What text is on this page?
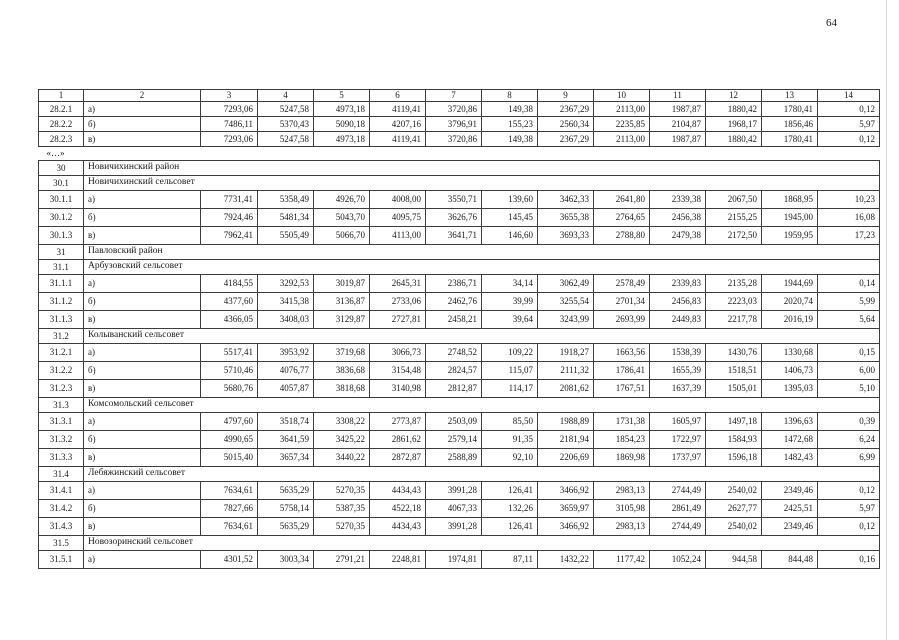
64
1	2	3	4	5	6	7	8	9	10	11	12	13	14
28.2.1	а)	7293,06	5247,58	4973,18	4119,41	3720,86	149,38	2367,29	2113,00	1987,87	1880,42	1780,41	0,12
28.2.2	б)	7486,11	5370,43	5090,18	4207,16	3796,91	155,23	2560,34	2235,85	2104,87	1968,17	1856,46	5,97
28.2.3	в)	7293,06	5247,58	4973,18	4119,41	3720,86	149,38	2367,29	2113,00	1987,87	1880,42	1780,41	0,12
«…»													
30	Новичихинский район												
30.1	Новичихинский сельсовет												
30.1.1	а)	7731,41	5358,49	4926,70	4008,00	3550,71	139,60	3462,33	2641,80	2339,38	2067,50	1868,95	10,23
30.1.2	б)	7924,46	5481,34	5043,70	4095,75	3626,76	145,45	3655,38	2764,65	2456,38	2155,25	1945,00	16,08
30.1.3	в)	7962,41	5505,49	5066,70	4113,00	3641,71	146,60	3693,33	2788,80	2479,38	2172,50	1959,95	17,23
31	Павловский район												
31.1	Арбузовский сельсовет												
31.1.1	а)	4184,55	3292,53	3019,87	2645,31	2386,71	34,14	3062,49	2578,49	2339,83	2135,28	1944,69	0,14
31.1.2	б)	4377,60	3415,38	3136,87	2733,06	2462,76	39,99	3255,54	2701,34	2456,83	2223,03	2020,74	5,99
31.1.3	в)	4366,05	3408,03	3129,87	2727,81	2458,21	39,64	3243,99	2693,99	2449,83	2217,78	2016,19	5,64
31.2	Колыванский сельсовет												
31.2.1	а)	5517,41	3953,92	3719,68	3066,73	2748,52	109,22	1918,27	1663,56	1538,39	1430,76	1330,68	0,15
31.2.2	б)	5710,46	4076,77	3836,68	3154,48	2824,57	115,07	2111,32	1786,41	1655,39	1518,51	1406,73	6,00
31.2.3	в)	5680,76	4057,87	3818,68	3140,98	2812,87	114,17	2081,62	1767,51	1637,39	1505,01	1395,03	5,10
31.3	Комсомольский сельсовет												
31.3.1	а)	4797,60	3518,74	3308,22	2773,87	2503,09	85,50	1988,89	1731,38	1605,97	1497,18	1396,63	0,39
31.3.2	б)	4990,65	3641,59	3425,22	2861,62	2579,14	91,35	2181,94	1854,23	1722,97	1584,93	1472,68	6,24
31.3.3	в)	5015,40	3657,34	3440,22	2872,87	2588,89	92,10	2206,69	1869,98	1737,97	1596,18	1482,43	6,99
31.4	Лебяжинский сельсовет												
31.4.1	а)	7634,61	5635,29	5270,35	4434,43	3991,28	126,41	3466,92	2983,13	2744,49	2540,02	2349,46	0,12
31.4.2	б)	7827,66	5758,14	5387,35	4522,18	4067,33	132,26	3659,97	3105,98	2861,49	2627,77	2425,51	5,97
31.4.3	в)	7634,61	5635,29	5270,35	4434,43	3991,28	126,41	3466,92	2983,13	2744,49	2540,02	2349,46	0,12
31.5	Новозоринский сельсовет												
31.5.1	а)	4301,52	3003,34	2791,21	2248,81	1974,81	87,11	1432,22	1177,42	1052,24	944,58	844,48	0,16
